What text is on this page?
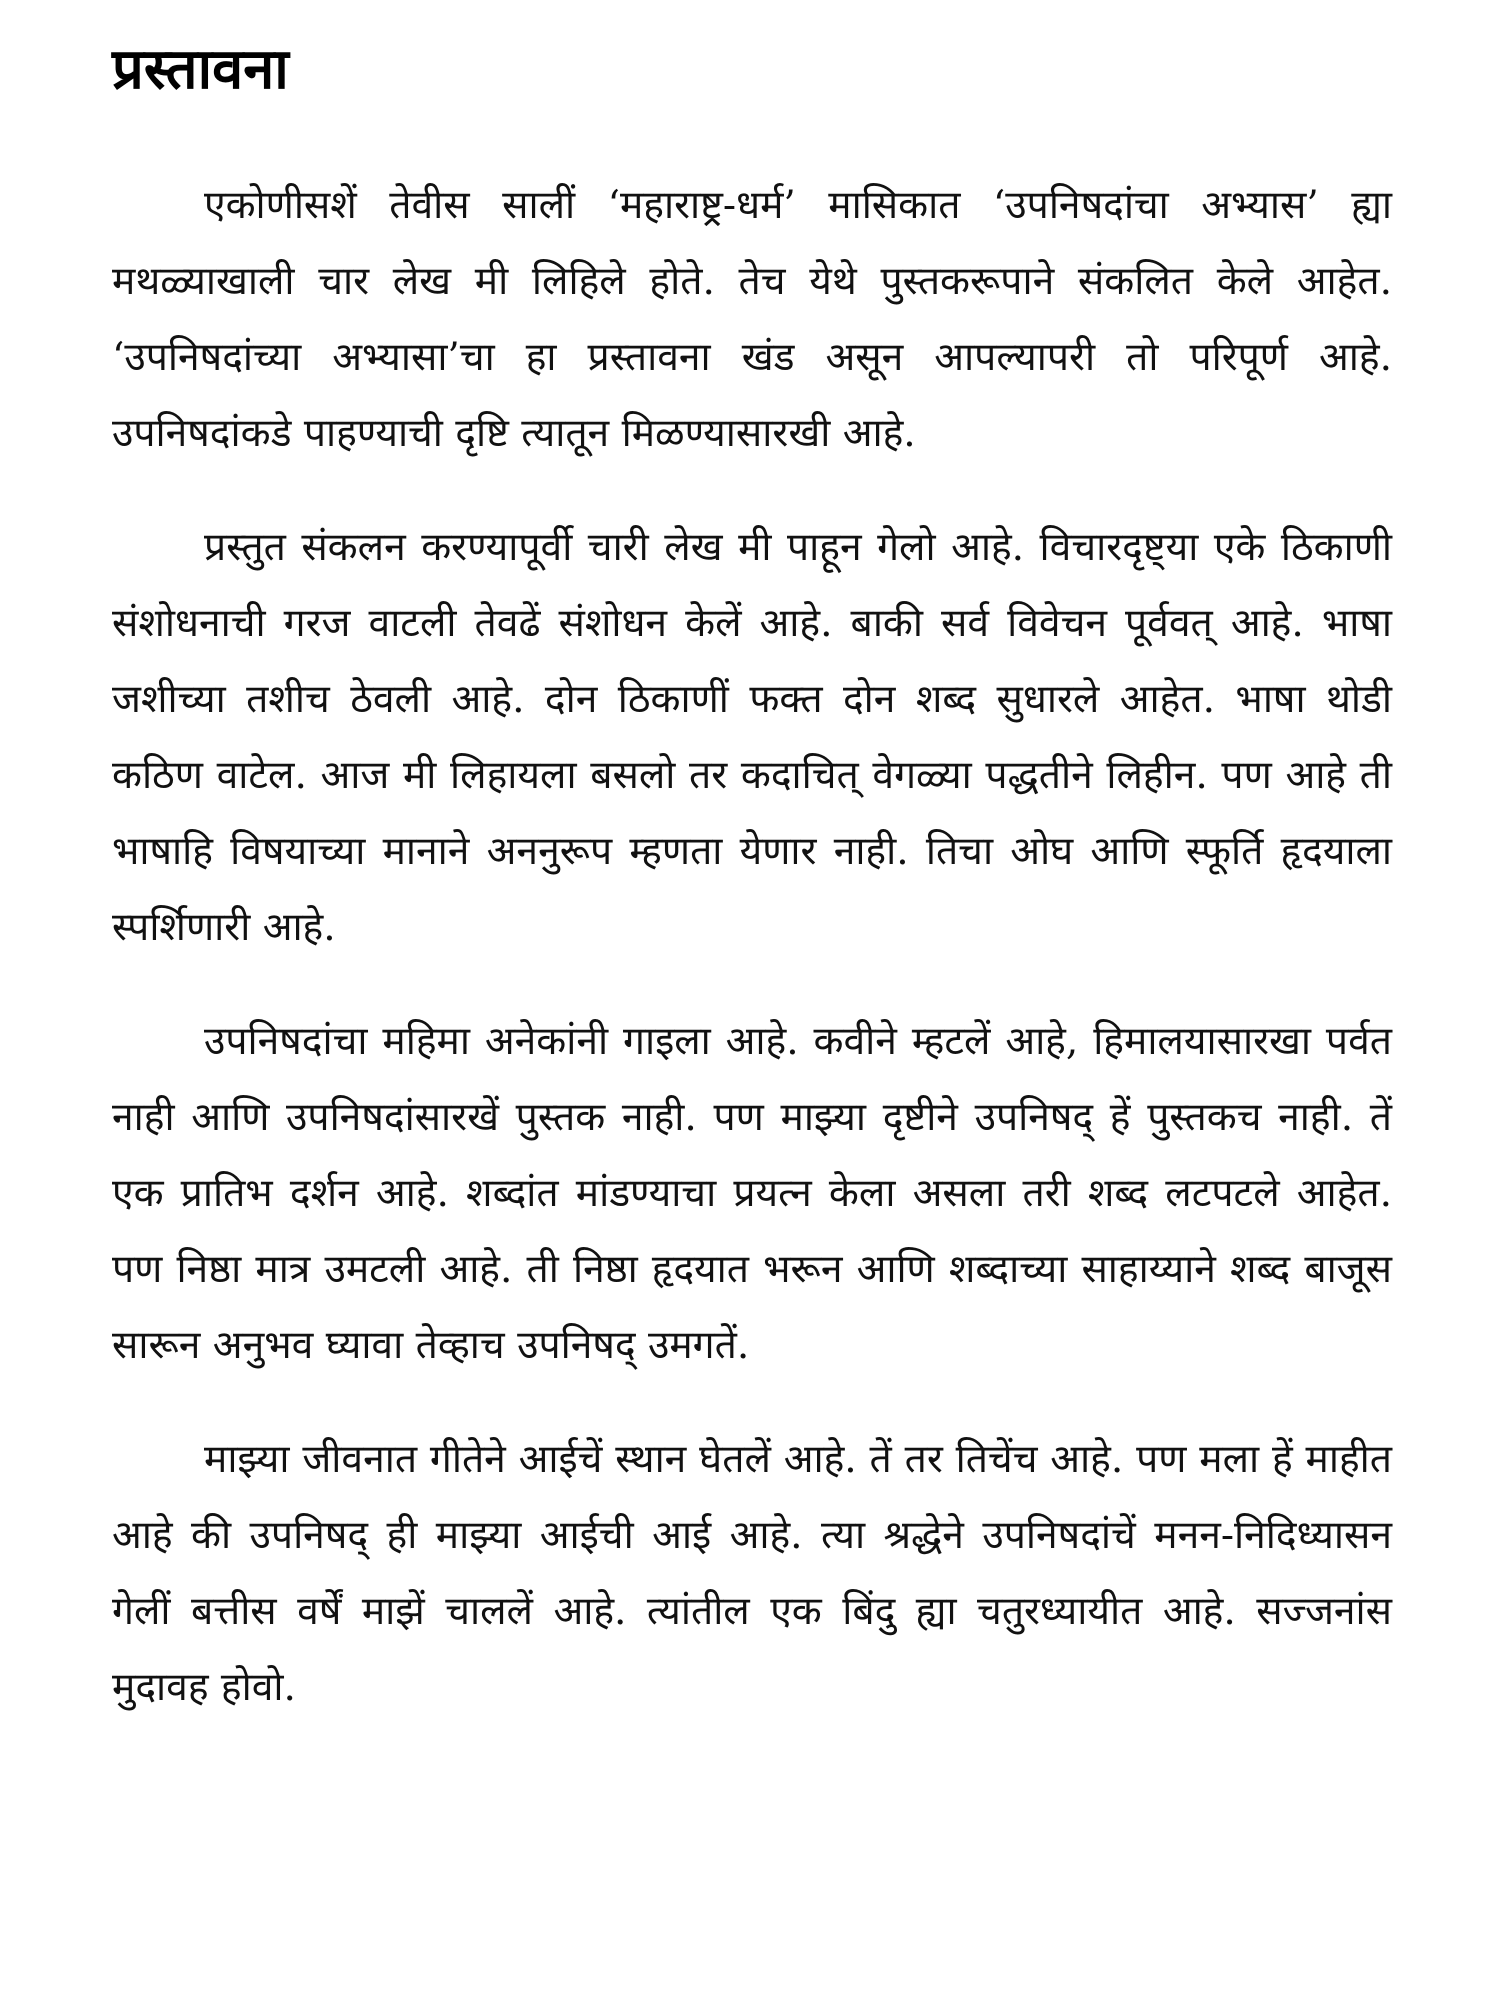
प्रस्तावना

एकोणीसशें तेवीस सालीं ‘महाराष्ट्र-धर्म’ मासिकात ‘उपनिषदांचा अभ्यास’ ह्या मथळ्याखाली चार लेख मी लिहिले होते. तेच येथे पुस्तकरूपाने संकलित केले आहेत. ‘उपनिषदांच्या अभ्यासा’चा हा प्रस्तावना खंड असून आपल्यापरी तो परिपूर्ण आहे. उपनिषदांकडे पाहण्याची दृष्टि त्यातून मिळण्यासारखी आहे.

प्रस्तुत संकलन करण्यापूर्वी चारी लेख मी पाहून गेलो आहे. विचारदृष्ट्या एके ठिकाणी संशोधनाची गरज वाटली तेवढें संशोधन केलें आहे. बाकी सर्व विवेचन पूर्ववत् आहे. भाषा जशीच्या तशीच ठेवली आहे. दोन ठिकाणीं फक्त दोन शब्द सुधारले आहेत. भाषा थोडी कठिण वाटेल. आज मी लिहायला बसलो तर कदाचित् वेगळ्या पद्धतीने लिहीन. पण आहे ती भाषाहि विषयाच्या मानाने अननुरूप म्हणता येणार नाही. तिचा ओघ आणि स्फूर्ति हृदयाला स्पर्शिणारी आहे.

उपनिषदांचा महिमा अनेकांनी गाइला आहे. कवीने म्हटलें आहे, हिमालयासारखा पर्वत नाही आणि उपनिषदांसारखें पुस्तक नाही. पण माझ्या दृष्टीने उपनिषद् हें पुस्तकच नाही. तें एक प्रातिभ दर्शन आहे. शब्दांत मांडण्याचा प्रयत्न केला असला तरी शब्द लटपटले आहेत. पण निष्ठा मात्र उमटली आहे. ती निष्ठा हृदयात भरून आणि शब्दाच्या साहाय्याने शब्द बाजूस सारून अनुभव घ्यावा तेव्हाच उपनिषद् उमगतें.

माझ्या जीवनात गीतेने आईचें स्थान घेतलें आहे. तें तर तिचेंच आहे. पण मला हें माहीत आहे की उपनिषद् ही माझ्या आईची आई आहे. त्या श्रद्धेने उपनिषदांचें मनन-निदिध्यासन गेलीं बत्तीस वर्षें माझें चाललें आहे. त्यांतील एक बिंदु ह्या चतुरध्यायीत आहे. सज्जनांस मुदावह होवो.
